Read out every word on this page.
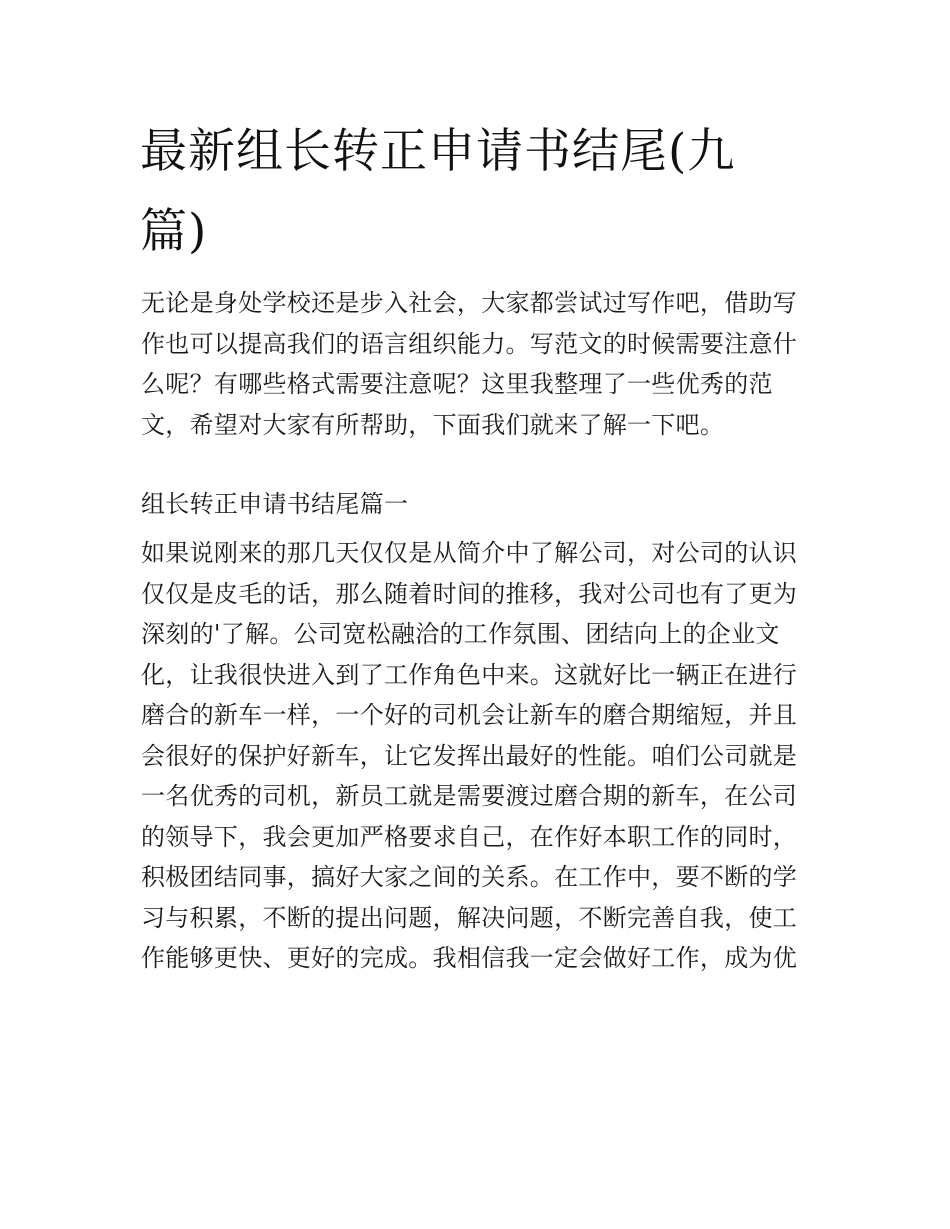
最新组长转正申请书结尾(九篇)

无论是身处学校还是步入社会，大家都尝试过写作吧，借助写作也可以提高我们的语言组织能力。写范文的时候需要注意什么呢？有哪些格式需要注意呢？这里我整理了一些优秀的范文，希望对大家有所帮助，下面我们就来了解一下吧。

组长转正申请书结尾篇一

如果说刚来的那几天仅仅是从简介中了解公司，对公司的认识仅仅是皮毛的话，那么随着时间的推移，我对公司也有了更为深刻的'了解。公司宽松融洽的工作氛围、团结向上的企业文化，让我很快进入到了工作角色中来。这就好比一辆正在进行磨合的新车一样，一个好的司机会让新车的磨合期缩短，并且会很好的保护好新车，让它发挥出最好的性能。咱们公司就是一名优秀的司机，新员工就是需要渡过磨合期的新车，在公司的领导下，我会更加严格要求自己，在作好本职工作的同时，积极团结同事，搞好大家之间的关系。在工作中，要不断的学习与积累，不断的提出问题，解决问题，不断完善自我，使工作能够更快、更好的完成。我相信我一定会做好工作，成为优
